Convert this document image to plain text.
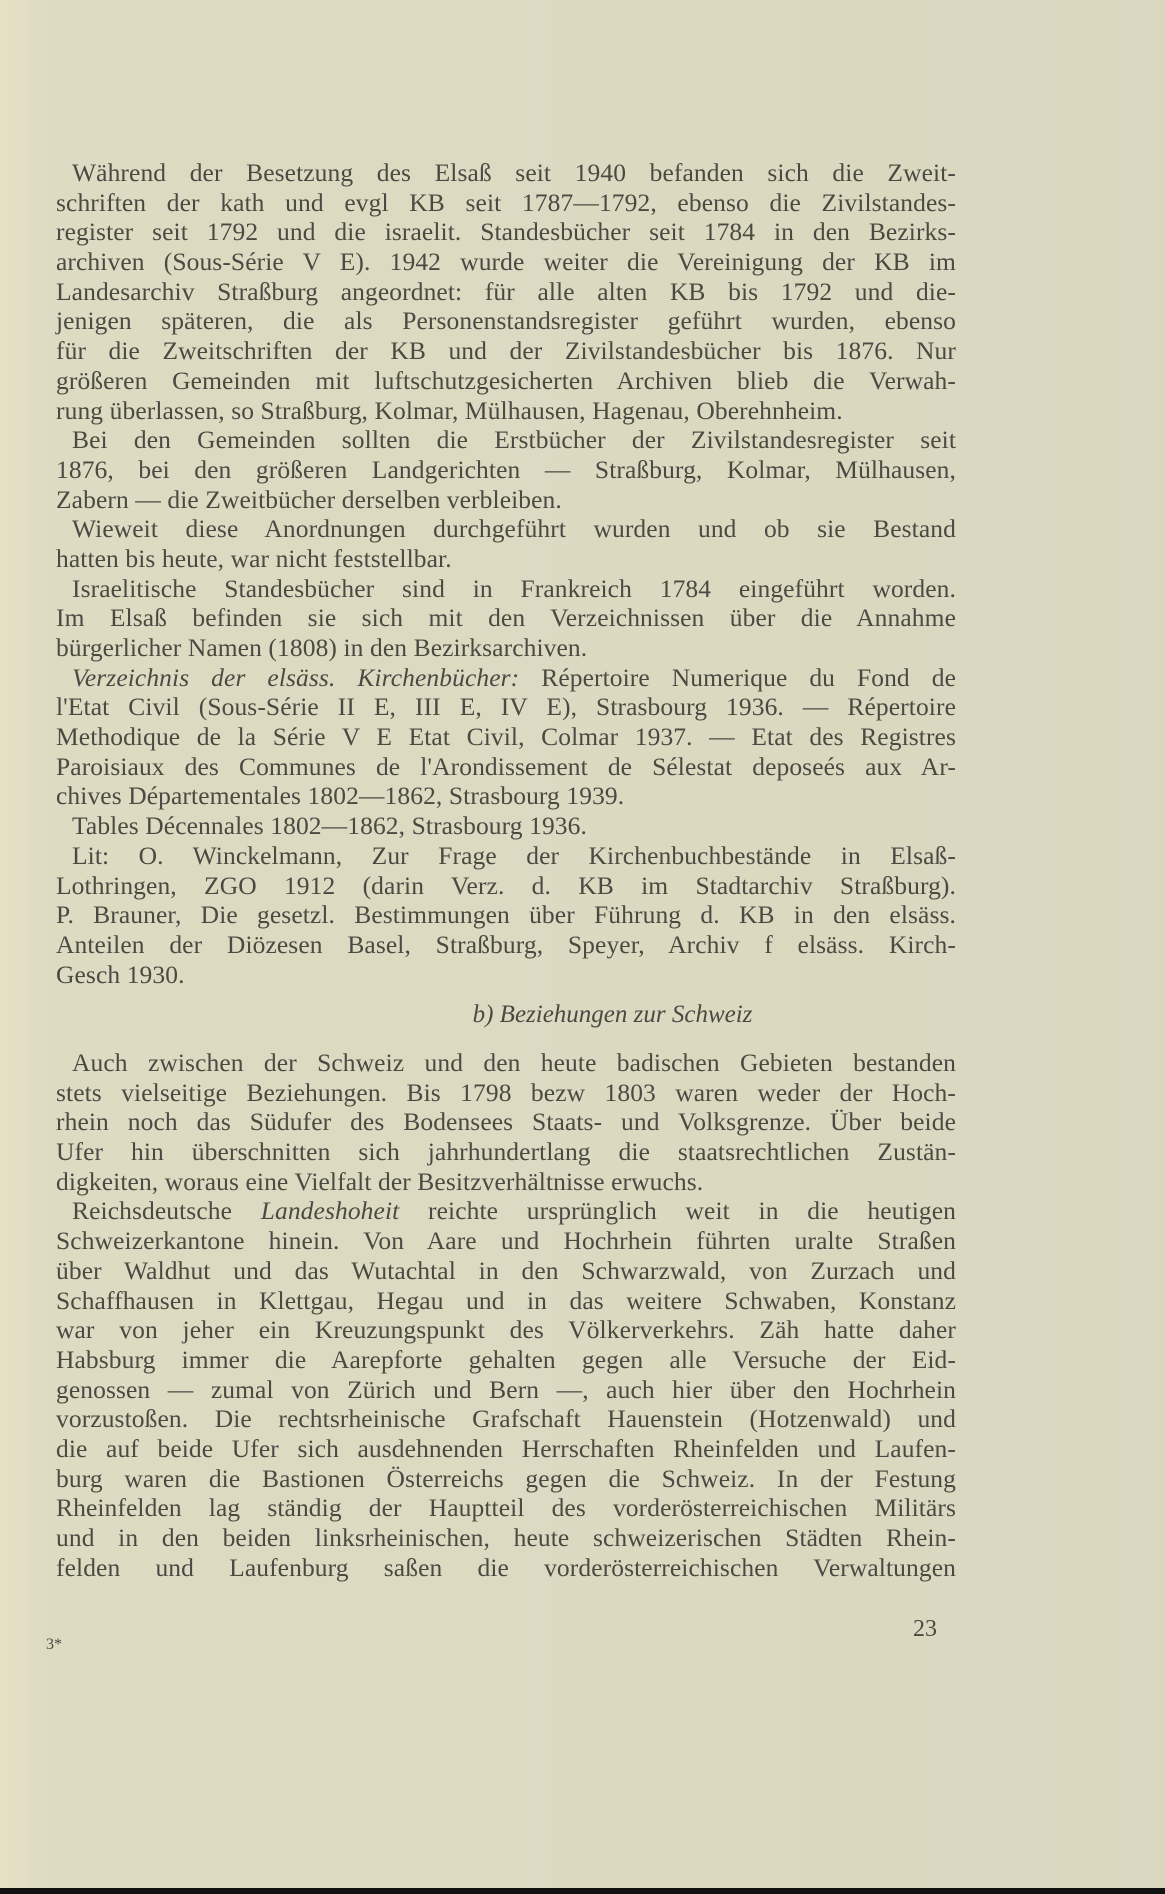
Während der Besetzung des Elsaß seit 1940 befanden sich die Zweit-
schriften der kath und evgl KB seit 1787—1792, ebenso die Zivilstandes-
register seit 1792 und die israelit. Standesbücher seit 1784 in den Bezirks-
archiven (Sous-Série V E). 1942 wurde weiter die Vereinigung der KB im
Landesarchiv Straßburg angeordnet: für alle alten KB bis 1792 und die-
jenigen späteren, die als Personenstandsregister geführt wurden, ebenso
für die Zweitschriften der KB und der Zivilstandesbücher bis 1876. Nur
größeren Gemeinden mit luftschutzgesicherten Archiven blieb die Verwah-
rung überlassen, so Straßburg, Kolmar, Mülhausen, Hagenau, Oberehnheim.
Bei den Gemeinden sollten die Erstbücher der Zivilstandesregister seit
1876, bei den größeren Landgerichten — Straßburg, Kolmar, Mülhausen,
Zabern — die Zweitbücher derselben verbleiben.
Wieweit diese Anordnungen durchgeführt wurden und ob sie Bestand
hatten bis heute, war nicht feststellbar.
Israelitische Standesbücher sind in Frankreich 1784 eingeführt worden.
Im Elsaß befinden sie sich mit den Verzeichnissen über die Annahme
bürgerlicher Namen (1808) in den Bezirksarchiven.
Verzeichnis der elsäss. Kirchenbücher: Répertoire Numerique du Fond de
l'Etat Civil (Sous-Série II E, III E, IV E), Strasbourg 1936. — Répertoire
Methodique de la Série V E Etat Civil, Colmar 1937. — Etat des Registres
Paroisiaux des Communes de l'Arondissement de Sélestat deposeés aux Ar-
chives Départementales 1802—1862, Strasbourg 1939.
Tables Décennales 1802—1862, Strasbourg 1936.
Lit: O. Winckelmann, Zur Frage der Kirchenbuchbestände in Elsaß-
Lothringen, ZGO 1912 (darin Verz. d. KB im Stadtarchiv Straßburg).
P. Brauner, Die gesetzl. Bestimmungen über Führung d. KB in den elsäss.
Anteilen der Diözesen Basel, Straßburg, Speyer, Archiv f elsäss. Kirch-
Gesch 1930.
b) Beziehungen zur Schweiz
Auch zwischen der Schweiz und den heute badischen Gebieten bestanden
stets vielseitige Beziehungen. Bis 1798 bezw 1803 waren weder der Hoch-
rhein noch das Südufer des Bodensees Staats- und Volksgrenze. Über beide
Ufer hin überschnitten sich jahrhundertlang die staatsrechtlichen Zustän-
digkeiten, woraus eine Vielfalt der Besitzverhältnisse erwuchs.
Reichsdeutsche Landeshoheit reichte ursprünglich weit in die heutigen
Schweizerkantone hinein. Von Aare und Hochrhein führten uralte Straßen
über Waldhut und das Wutachtal in den Schwarzwald, von Zurzach und
Schaffhausen in Klettgau, Hegau und in das weitere Schwaben, Konstanz
war von jeher ein Kreuzungspunkt des Völkerverkehrs. Zäh hatte daher
Habsburg immer die Aarepforte gehalten gegen alle Versuche der Eid-
genossen — zumal von Zürich und Bern —, auch hier über den Hochrhein
vorzustoßen. Die rechtsrheinische Grafschaft Hauenstein (Hotzenwald) und
die auf beide Ufer sich ausdehnenden Herrschaften Rheinfelden und Laufen-
burg waren die Bastionen Österreichs gegen die Schweiz. In der Festung
Rheinfelden lag ständig der Hauptteil des vorderösterreichischen Militärs
und in den beiden linksrheinischen, heute schweizerischen Städten Rhein-
felden und Laufenburg saßen die vorderösterreichischen Verwaltungen
23
3*
